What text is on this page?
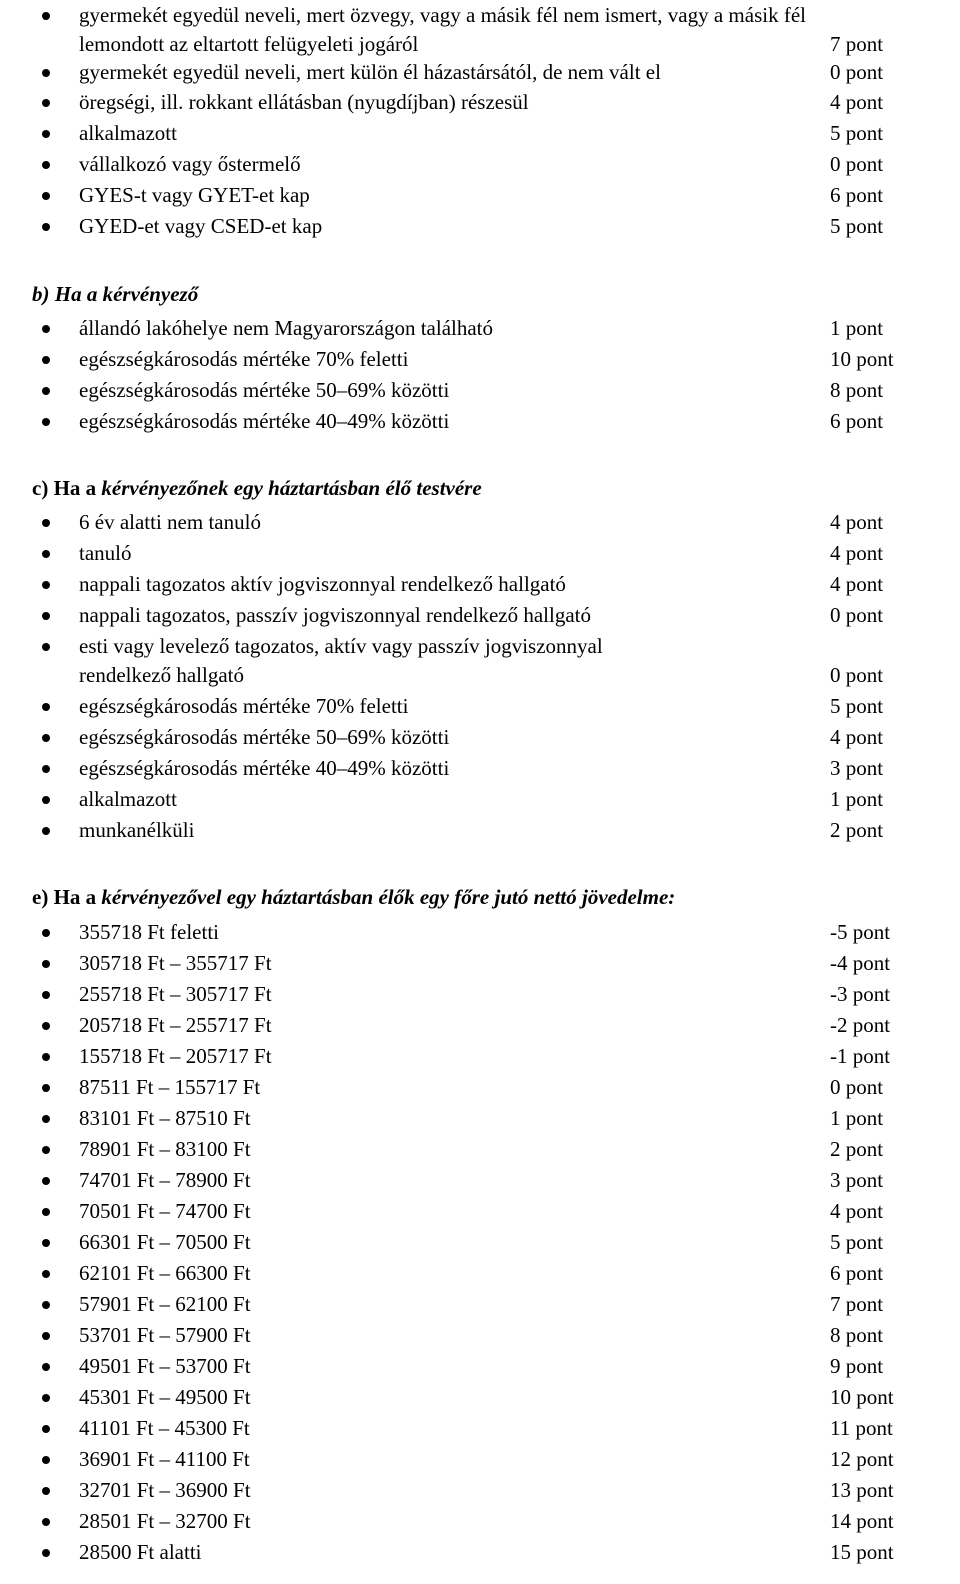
gyermekét egyedül neveli, mert özvegy, vagy a másik fél nem ismert, vagy a másik fél
lemondott az eltartott felügyeleti jogáról	7 pont
gyermekét egyedül neveli, mert külön él házastársától, de nem vált el	0 pont
öregségi, ill. rokkant ellátásban (nyugdíjban) részesül	4 pont
alkalmazott	5 pont
vállalkozó vagy őstermelő	0 pont
GYES-t vagy GYET-et kap	6 pont
GYED-et vagy CSED-et kap	5 pont
b) Ha a kérvényező
állandó lakóhelye nem Magyarországon található	1 pont
egészségkárosodás mértéke 70% feletti	10 pont
egészségkárosodás mértéke 50–69% közötti	8 pont
egészségkárosodás mértéke 40–49% közötti	6 pont
c) Ha a kérvényezőnek egy háztartásban élő testvére
6 év alatti nem tanuló	4 pont
tanuló	4 pont
nappali tagozatos aktív jogviszonnyal rendelkező hallgató	4 pont
nappali tagozatos, passzív jogviszonnyal rendelkező hallgató	0 pont
esti vagy levelező tagozatos, aktív vagy passzív jogviszonnyal
rendelkező hallgató	0 pont
egészségkárosodás mértéke 70% feletti	5 pont
egészségkárosodás mértéke 50–69% közötti	4 pont
egészségkárosodás mértéke 40–49% közötti	3 pont
alkalmazott	1 pont
munkanélküli	2 pont
e) Ha a kérvényezővel egy háztartásban élők egy főre jutó nettó jövedelme:
355718 Ft feletti	-5 pont
305718 Ft – 355717 Ft	-4 pont
255718 Ft – 305717 Ft	-3 pont
205718 Ft – 255717 Ft	-2 pont
155718 Ft – 205717 Ft	-1 pont
87511 Ft – 155717 Ft	0 pont
83101 Ft – 87510 Ft	1 pont
78901 Ft – 83100 Ft	2 pont
74701 Ft – 78900 Ft	3 pont
70501 Ft – 74700 Ft	4 pont
66301 Ft – 70500 Ft	5 pont
62101 Ft – 66300 Ft	6 pont
57901 Ft – 62100 Ft	7 pont
53701 Ft – 57900 Ft	8 pont
49501 Ft – 53700 Ft	9 pont
45301 Ft – 49500 Ft	10 pont
41101 Ft – 45300 Ft	11 pont
36901 Ft – 41100 Ft	12 pont
32701 Ft – 36900 Ft	13 pont
28501 Ft – 32700 Ft	14 pont
28500 Ft alatti	15 pont
